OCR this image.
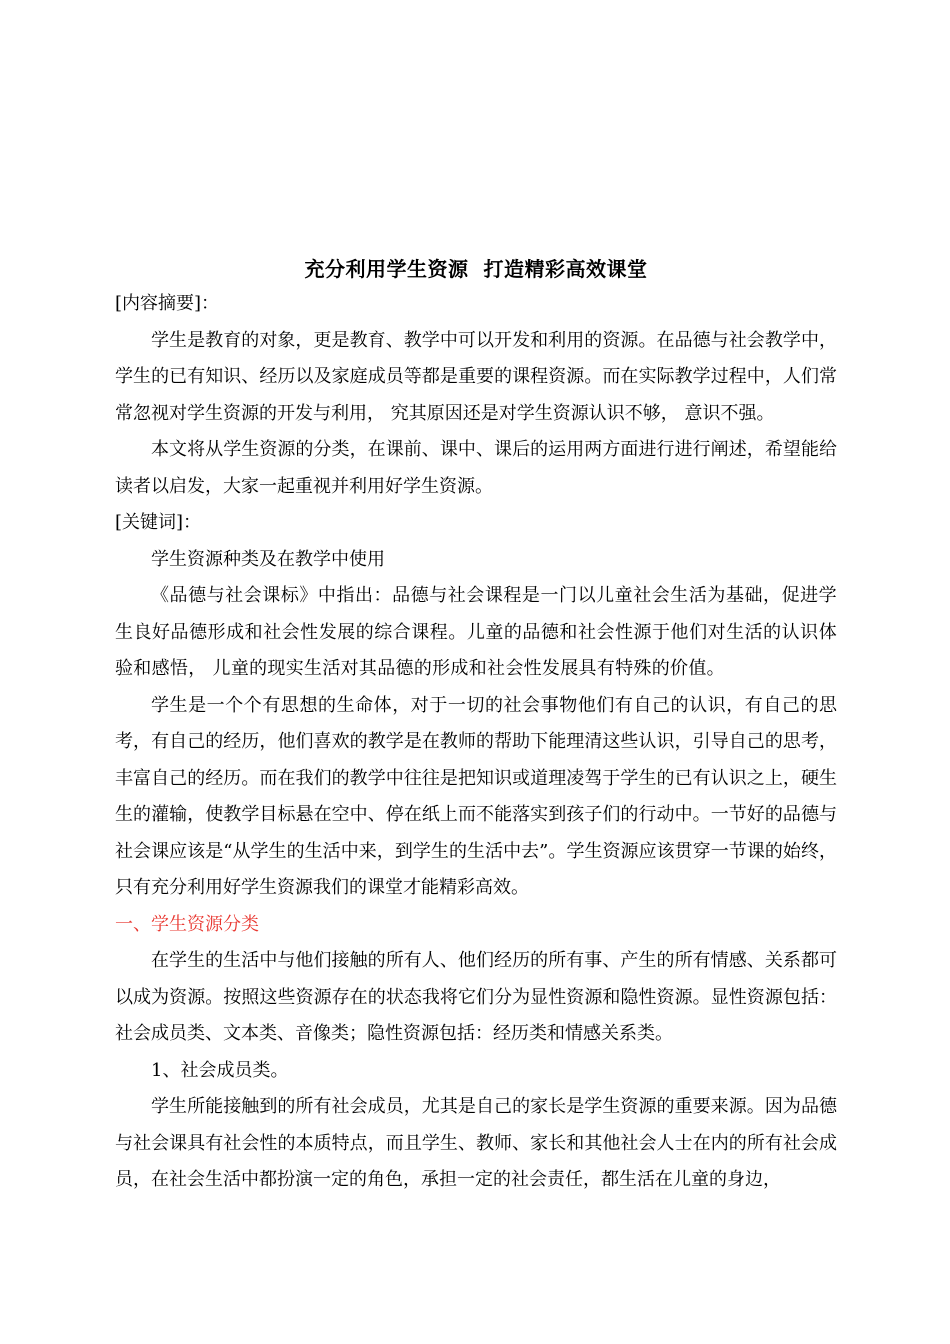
充分利用学生资源  打造精彩高效课堂

[内容摘要]：

学生是教育的对象，更是教育、教学中可以开发和利用的资源。在品德与社会教学中，学生的已有知识、经历以及家庭成员等都是重要的课程资源。而在实际教学过程中，人们常常忽视对学生资源的开发与利用， 究其原因还是对学生资源认识不够， 意识不强。

本文将从学生资源的分类，在课前、课中、课后的运用两方面进行进行阐述，希望能给读者以启发，大家一起重视并利用好学生资源。

[关键词]：

学生资源种类及在教学中使用

《品德与社会课标》中指出：品德与社会课程是一门以儿童社会生活为基础，促进学生良好品德形成和社会性发展的综合课程。儿童的品德和社会性源于他们对生活的认识体验和感悟， 儿童的现实生活对其品德的形成和社会性发展具有特殊的价值。

学生是一个个有思想的生命体，对于一切的社会事物他们有自己的认识，有自己的思考，有自己的经历，他们喜欢的教学是在教师的帮助下能理清这些认识，引导自己的思考，丰富自己的经历。而在我们的教学中往往是把知识或道理凌驾于学生的已有认识之上，硬生生的灌输，使教学目标悬在空中、停在纸上而不能落实到孩子们的行动中。一节好的品德与社会课应该是“从学生的生活中来，到学生的生活中去”。学生资源应该贯穿一节课的始终，只有充分利用好学生资源我们的课堂才能精彩高效。

一、学生资源分类

在学生的生活中与他们接触的所有人、他们经历的所有事、产生的所有情感、关系都可以成为资源。按照这些资源存在的状态我将它们分为显性资源和隐性资源。显性资源包括：社会成员类、文本类、音像类；隐性资源包括：经历类和情感关系类。

1、社会成员类。

学生所能接触到的所有社会成员，尤其是自己的家长是学生资源的重要来源。因为品德与社会课具有社会性的本质特点，而且学生、教师、家长和其他社会人士在内的所有社会成员，在社会生活中都扮演一定的角色，承担一定的社会责任，都生活在儿童的身边，
